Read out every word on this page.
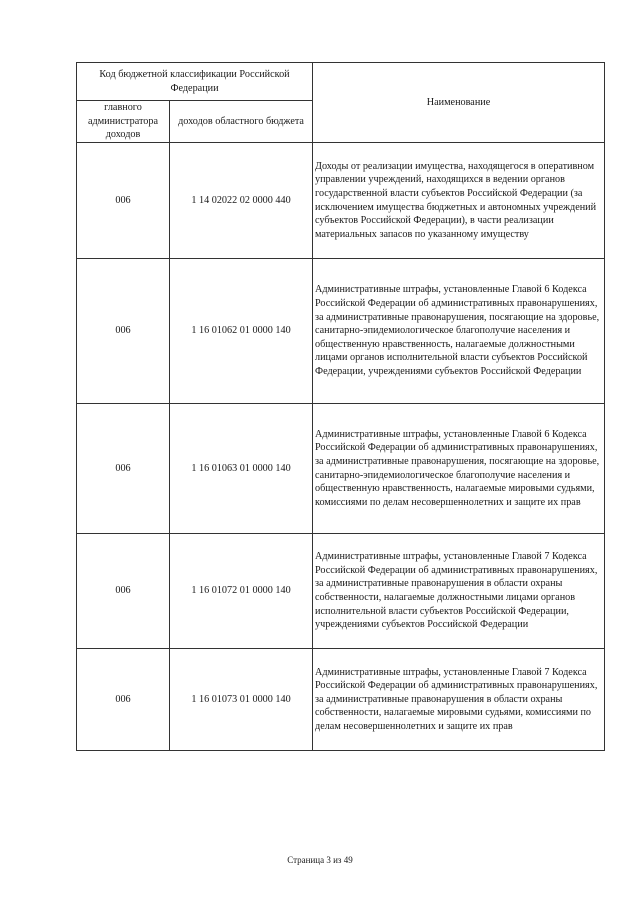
Код бюджетной классификации Российской Федерации		Наименование
главного администратора доходов	доходов областного бюджета	
006	1 14 02022 02 0000 440	Доходы от реализации имущества, находящегося в оперативном управлении учреждений, находящихся в ведении органов государственной власти субъектов Российской Федерации (за исключением имущества бюджетных и автономных учреждений субъектов Российской Федерации), в части реализации материальных запасов по указанному имуществу
006	1 16 01062 01 0000 140	Административные штрафы, установленные Главой 6 Кодекса Российской Федерации об административных правонарушениях, за административные правонарушения, посягающие на здоровье, санитарно-эпидемиологическое благополучие населения и общественную нравственность, налагаемые должностными лицами органов исполнительной власти субъектов Российской Федерации, учреждениями субъектов Российской Федерации
006	1 16 01063 01 0000 140	Административные штрафы, установленные Главой 6 Кодекса Российской Федерации об административных правонарушениях, за административные правонарушения, посягающие на здоровье, санитарно-эпидемиологическое благополучие населения и общественную нравственность, налагаемые мировыми судьями, комиссиями по делам несовершеннолетних и защите их прав
006	1 16 01072 01 0000 140	Административные штрафы, установленные Главой 7 Кодекса Российской Федерации об административных правонарушениях, за административные правонарушения в области охраны собственности, налагаемые должностными лицами органов исполнительной власти субъектов Российской Федерации, учреждениями субъектов Российской Федерации
006	1 16 01073 01 0000 140	Административные штрафы, установленные Главой 7 Кодекса Российской Федерации об административных правонарушениях, за административные правонарушения в области охраны собственности, налагаемые мировыми судьями, комиссиями по делам несовершеннолетних и защите их прав
Страница 3 из 49
